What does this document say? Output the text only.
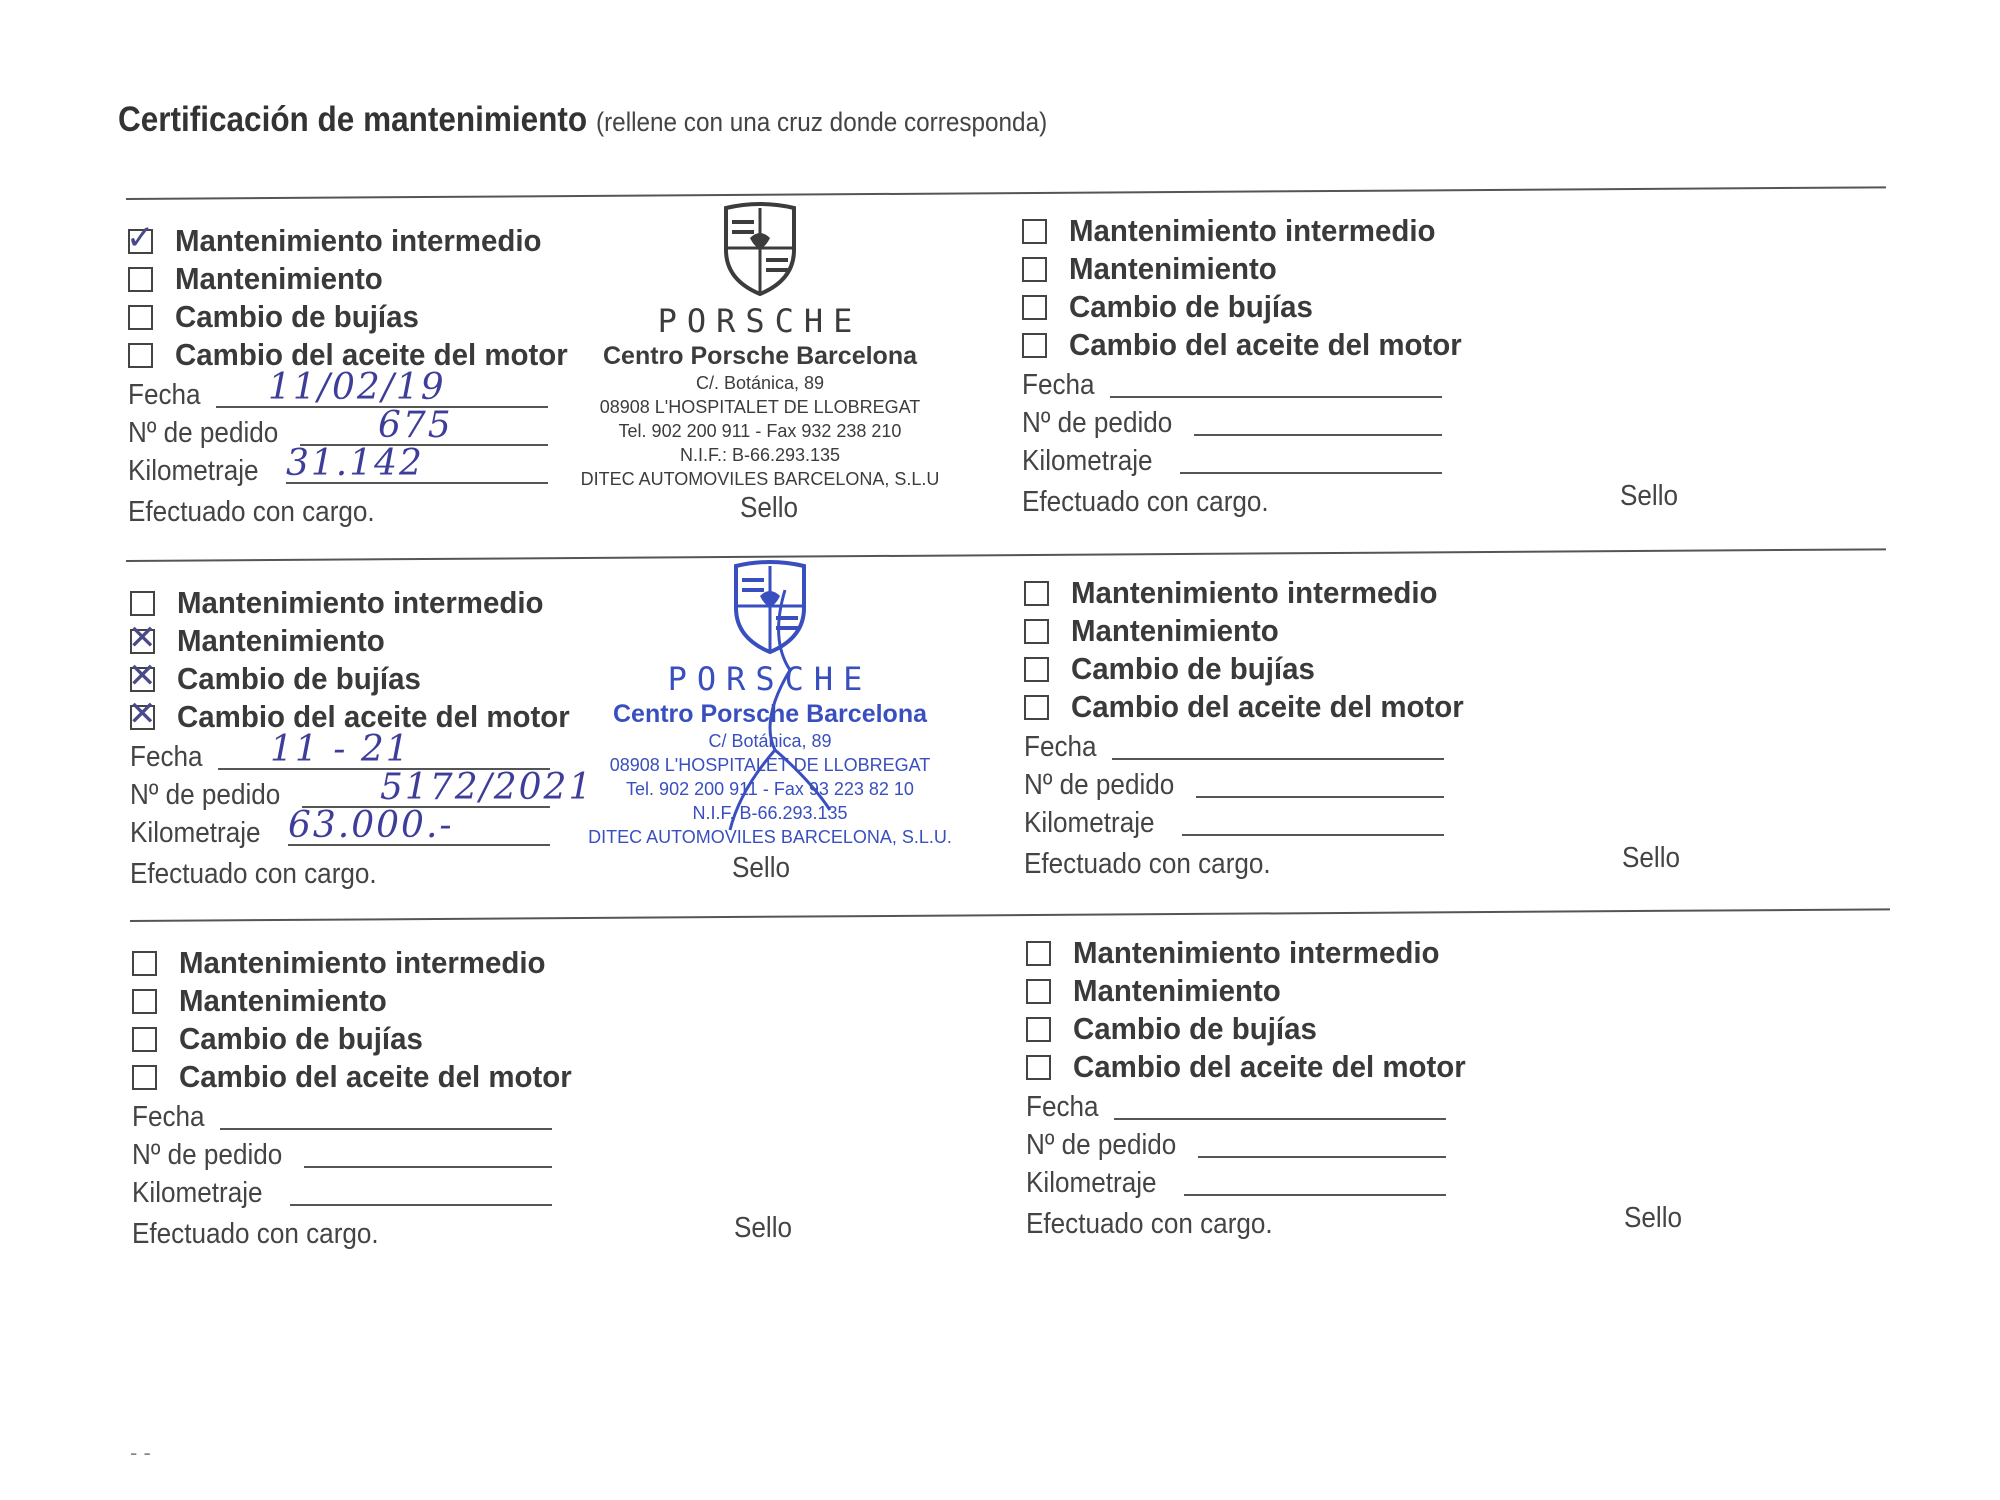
Certificación de mantenimiento (rellene con una cruz donde corresponda)
✓ Mantenimiento intermedio
Mantenimiento
Cambio de bujías
Cambio del aceite del motor
Fecha 11/02/19
Nº de pedido	675
Kilometraje 31.142
Efectuado con cargo.	Sello
Mantenimiento intermedio
Mantenimiento
Cambio de bujías
Cambio del aceite del motor
Fecha
Nº de pedido
Kilometraje
Efectuado con cargo.	Sello
Mantenimiento intermedio
✕ Mantenimiento
✕ Cambio de bujías
✕ Cambio del aceite del motor
Fecha 11 - 21
Nº de pedido	5172/2021
Kilometraje 63.000.-
Efectuado con cargo.	Sello
Mantenimiento intermedio
Mantenimiento
Cambio de bujías
Cambio del aceite del motor
Fecha
Nº de pedido
Kilometraje
Efectuado con cargo.	Sello
Mantenimiento intermedio
Mantenimiento
Cambio de bujías
Cambio del aceite del motor
Fecha
Nº de pedido
Kilometraje
Efectuado con cargo.	Sello
Mantenimiento intermedio
Mantenimiento
Cambio de bujías
Cambio del aceite del motor
Fecha
Nº de pedido
Kilometraje
Efectuado con cargo.	Sello
PORSCHE
Centro Porsche Barcelona
C/. Botánica, 89
08908 L'HOSPITALET DE LLOBREGAT
Tel. 902 200 911 - Fax 932 238 210
N.I.F.: B-66.293.135
DITEC AUTOMOVILES BARCELONA, S.L.U
PORSCHE
Centro Porsche Barcelona
C/ Botánica, 89
08908 L'HOSPITALET DE LLOBREGAT
Tel. 902 200 911 - Fax 93 223 82 10
N.I.F. B-66.293.135
DITEC AUTOMOVILES BARCELONA, S.L.U.
- -
